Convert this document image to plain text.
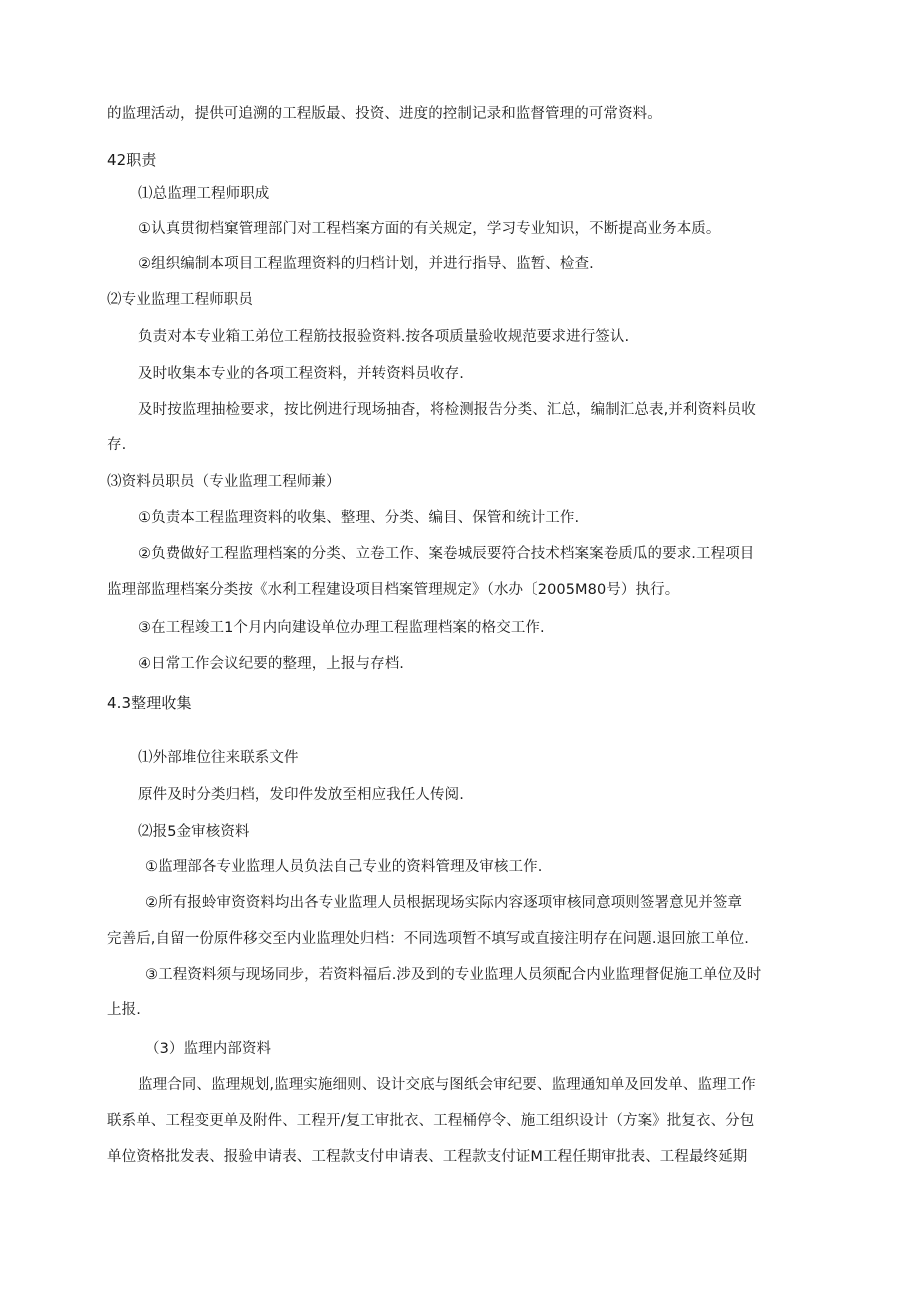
的监理活动，提供可追溯的工程版最、投资、进度的控制记录和监督管理的可常资料。
42职责
⑴总监理工程师职成
①认真贯彻档窠管理部门对工程档案方面的有关规定，学习专业知识，不断提高业务本质。
②组织编制本项目工程监理资料的归档计划，并进行指导、监暂、检查.
⑵专业监理工程师职员
负责对本专业箱工弟位工程筋技报验资料.按各项质量验收规范要求进行签认.
及时收集本专业的各项工程资料，并转资料员收存.
及时按监理抽检要求，按比例进行现场抽杳，将检测报告分类、汇总，编制汇总表,并利资料员收
存.
⑶资料员职员（专业监理工程师兼）
①负责本工程监理资料的收集、整理、分类、编目、保管和统计工作.
②负费做好工程监理档案的分类、立卷工作、案卷城辰要符合技术档案案卷质瓜的要求.工程项目
监理部监理档案分类按《水利工程建设项目档案管理规定》（水办〔2005M80号）执行。
③在工程竣工1个月内向建设单位办理工程监理档案的格交工作.
④日常工作会议纪要的整理，上报与存档.
4.3整理收集
⑴外部堆位往来联系文件
原件及时分类归档，发印件发放至相应我任人传阅.
⑵报5金审核资料
①监理部各专业监理人员负法自己专业的资料管理及审核工作.
②所有报蛉审资资料均出各专业监理人员根据现场实际内容逐项审核同意项则签署意见并签章
完善后,自留一份原件移交至内业监理处归档：不同选项暂不填写或直接注明存在问题.退回旅工单位.
③工程资料须与现场同步，若资料福后.涉及到的专业监理人员须配合内业监理督促施工单位及时
上报.
（3）监理内部资料
监理合同、监理规划,监理实施细则、设计交底与图纸会审纪要、监理通知单及回发单、监理工作
联系单、工程变更单及附件、工程开/复工审批衣、工程桶停令、施工组织设计（方案》批复衣、分包
单位资格批发表、报验申请表、工程款支付申请表、工程款支付证M工程任期审批表、工程最终延期
